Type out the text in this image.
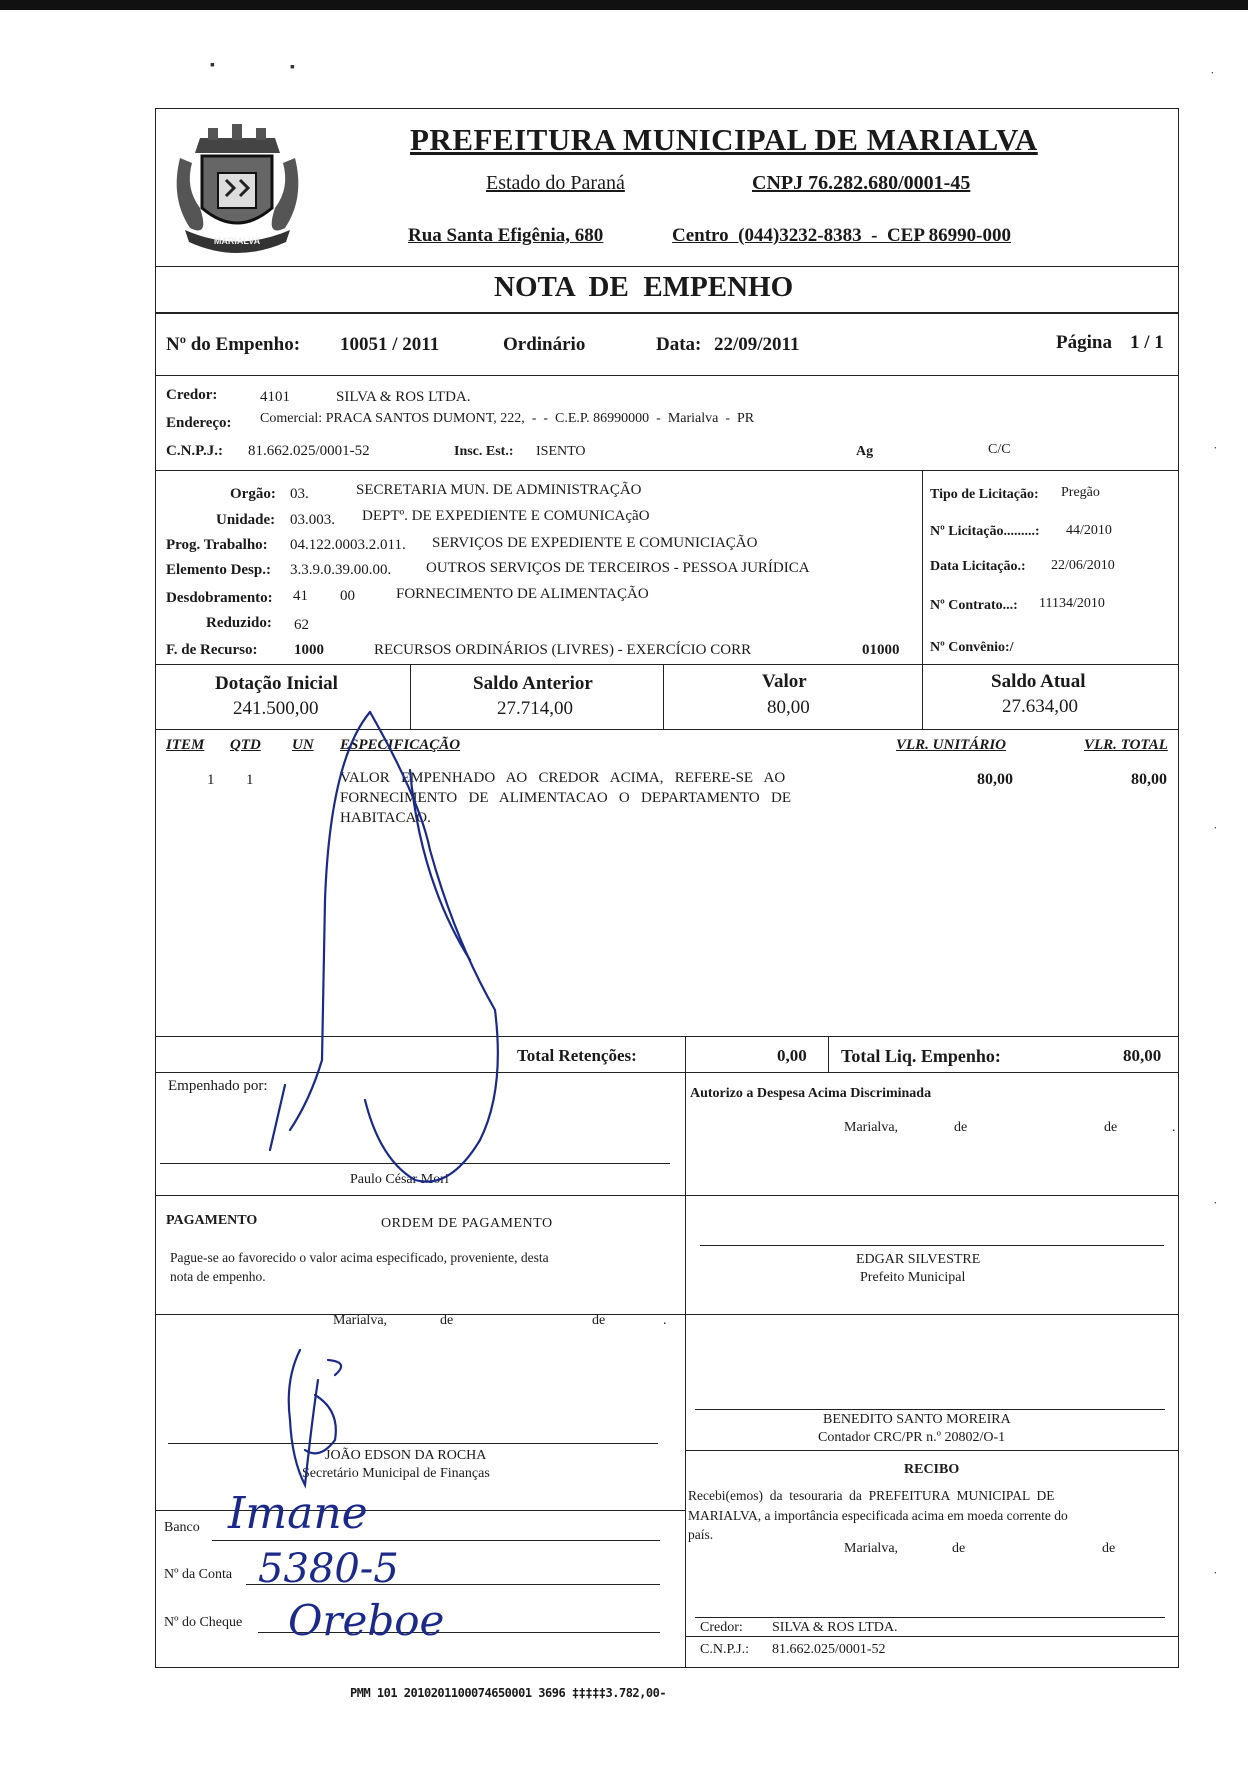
▪	▪
˙
˙
˙
˙
˙
MARIALVA
PREFEITURA MUNICIPAL DE MARIALVA
Estado do Paraná	CNPJ 76.282.680/0001-45
Rua Santa Efigênia, 680	Centro  (044)3232-8383  -  CEP 86990-000
NOTA  DE  EMPENHO
Nº do Empenho: 10051 / 2011	Ordinário	Data: 22/09/2011	Página 1 / 1
Credor:	4101	SILVA & ROS LTDA.
Endereço: Comercial: PRACA SANTOS DUMONT, 222,  -  -  C.E.P. 86990000  -  Marialva  -  PR
C.N.P.J.: 81.662.025/0001-52	Insc. Est.: ISENTO	Ag	C/C
Orgão: 03.	SECRETARIA MUN. DE ADMINISTRAÇÃO
Unidade: 03.003. DEPTº. DE EXPEDIENTE E COMUNICAçãO
Prog. Trabalho: 04.122.0003.2.011. SERVIÇOS DE EXPEDIENTE E COMUNICIAÇÃO
Elemento Desp.: 3.3.9.0.39.00.00. OUTROS SERVIÇOS DE TERCEIROS - PESSOA JURÍDICA
Desdobramento: 41 00	FORNECIMENTO DE ALIMENTAÇÃO
Reduzido: 62
F. de Recurso: 1000	RECURSOS ORDINÁRIOS (LIVRES) - EXERCÍCIO CORR	01000
Tipo de Licitação: Pregão
Nº Licitação.........: 44/2010
Data Licitação.: 22/06/2010
Nº Contrato...: 11134/2010
Nº Convênio:/
Dotação Inicial
241.500,00
Saldo Anterior
27.714,00
Valor
80,00
Saldo Atual
27.634,00
ITEM QTD UN ESPECIFICAÇÃO	VLR. UNITÁRIO	VLR. TOTAL
1 1	VALOR   EMPENHADO   AO   CREDOR   ACIMA,   REFERE-SE   AO
FORNECIMENTO   DE   ALIMENTACAO   O   DEPARTAMENTO   DE
HABITACAO.
80,00	80,00
Total Retenções:	0,00 Total Liq. Empenho:	80,00
Empenhado por:
Paulo César Mori
Autorizo a Despesa Acima Discriminada
Marialva,	de	de	.
PAGAMENTO	ORDEM DE PAGAMENTO
Pague-se ao favorecido o valor acima especificado, proveniente, desta
nota de empenho.
Marialva,	de	de	.
JOÃO EDSON DA ROCHA
Secretário Municipal de Finanças
Banco
Nº da Conta
Nº do Cheque
Imane
5380-5
Oreboe
EDGAR SILVESTRE
Prefeito Municipal
BENEDITO SANTO MOREIRA
Contador CRC/PR n.º 20802/O-1
RECIBO
Recebi(emos)  da  tesouraria  da  PREFEITURA  MUNICIPAL  DE
MARIALVA, a importância especificada acima em moeda corrente do
país.
Marialva,	de	de
Credor: SILVA & ROS LTDA.
C.N.P.J.: 81.662.025/0001-52
PMM 101 2010201100074650001 3696 ‡‡‡‡‡3.782,00-
